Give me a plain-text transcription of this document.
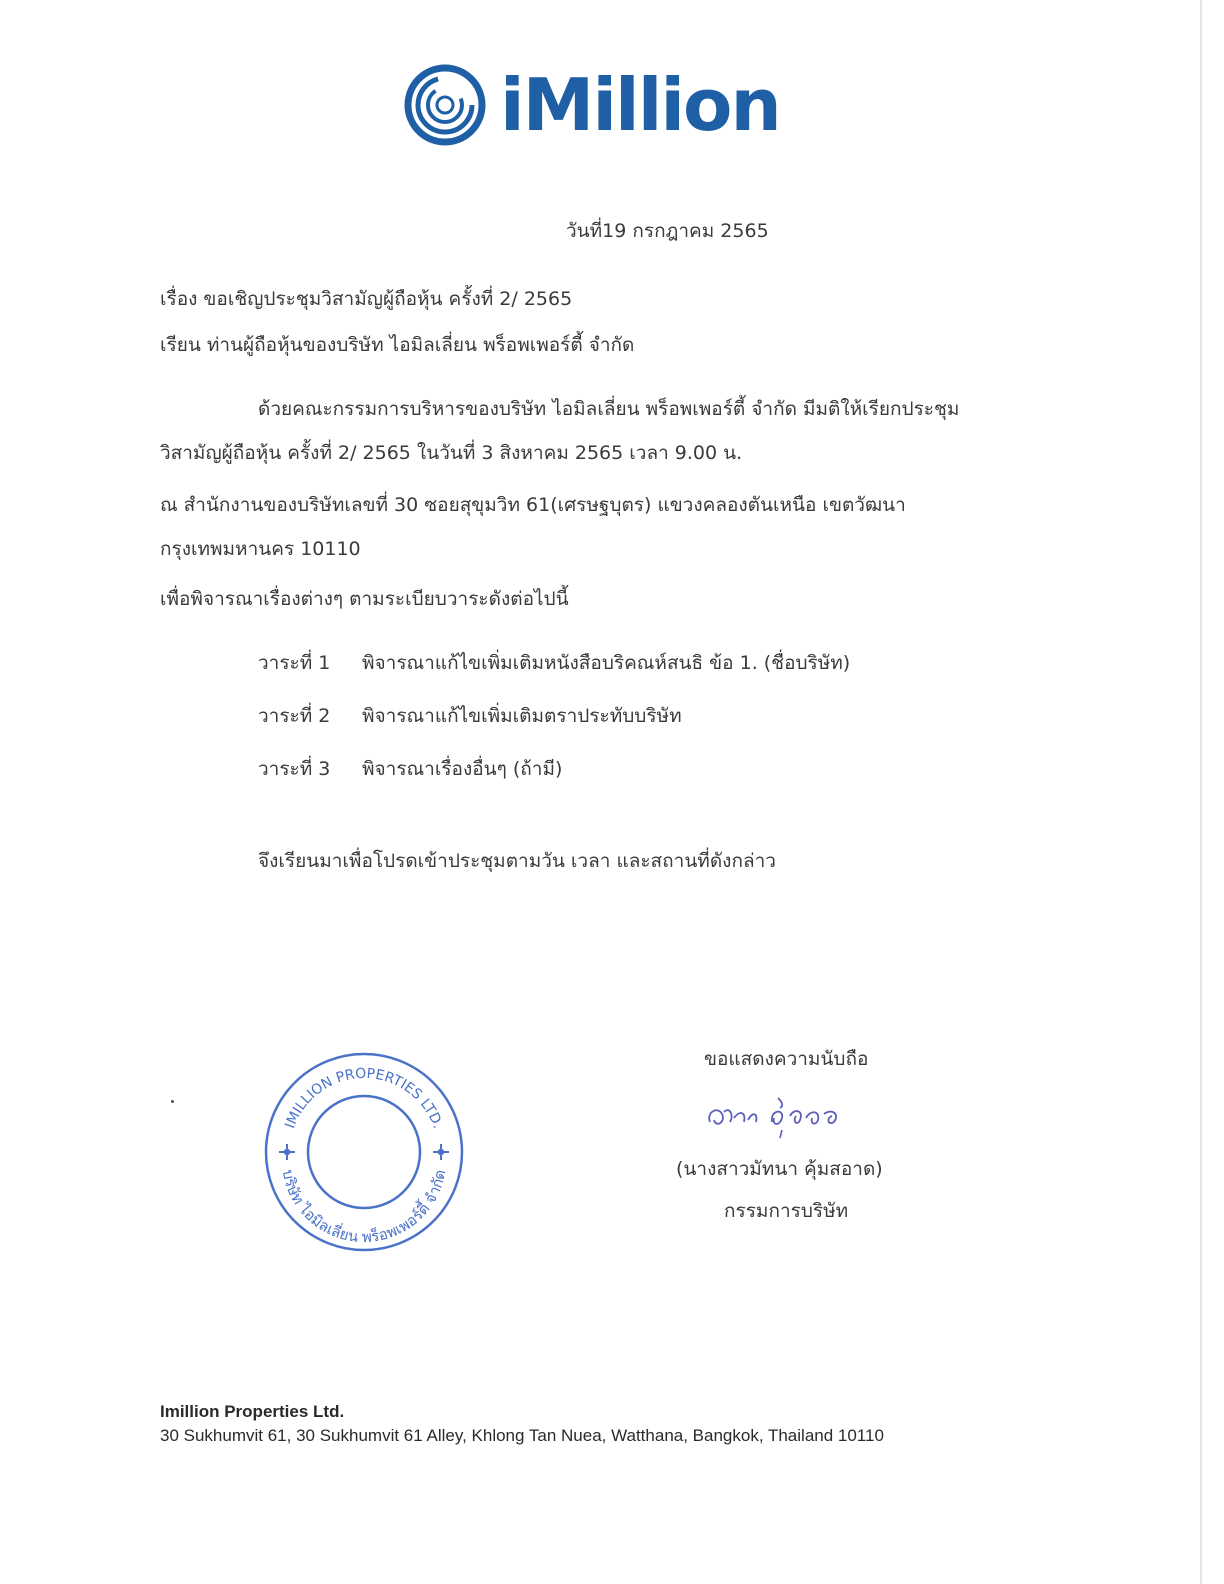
iMillion
วันที่19 กรกฎาคม 2565
เรื่อง ขอเชิญประชุมวิสามัญผู้ถือหุ้น ครั้งที่ 2/ 2565
เรียน ท่านผู้ถือหุ้นของบริษัท ไอมิลเลี่ยน พร็อพเพอร์ตี้ จำกัด
ด้วยคณะกรรมการบริหารของบริษัท ไอมิลเลี่ยน พร็อพเพอร์ตี้ จำกัด มีมติให้เรียกประชุม
วิสามัญผู้ถือหุ้น ครั้งที่ 2/ 2565 ในวันที่ 3 สิงหาคม 2565 เวลา 9.00 น.
ณ สำนักงานของบริษัทเลขที่ 30 ซอยสุขุมวิท 61(เศรษฐบุตร) แขวงคลองตันเหนือ เขตวัฒนา
กรุงเทพมหานคร 10110
เพื่อพิจารณาเรื่องต่างๆ ตามระเบียบวาระดังต่อไปนี้
วาระที่ 1 พิจารณาแก้ไขเพิ่มเติมหนังสือบริคณห์สนธิ ข้อ 1. (ชื่อบริษัท)
วาระที่ 2 พิจารณาแก้ไขเพิ่มเติมตราประทับบริษัท
วาระที่ 3 พิจารณาเรื่องอื่นๆ (ถ้ามี)
จึงเรียนมาเพื่อโปรดเข้าประชุมตามวัน เวลา และสถานที่ดังกล่าว
IMILLION PROPERTIES LTD.
บริษัท ไอมิลเลี่ยน พร็อพเพอร์ตี้ จำกัด
ขอแสดงความนับถือ
(นางสาวมัทนา คุ้มสอาด)
กรรมการบริษัท
Imillion Properties Ltd.
30 Sukhumvit 61, 30 Sukhumvit 61 Alley, Khlong Tan Nuea, Watthana, Bangkok, Thailand 10110
